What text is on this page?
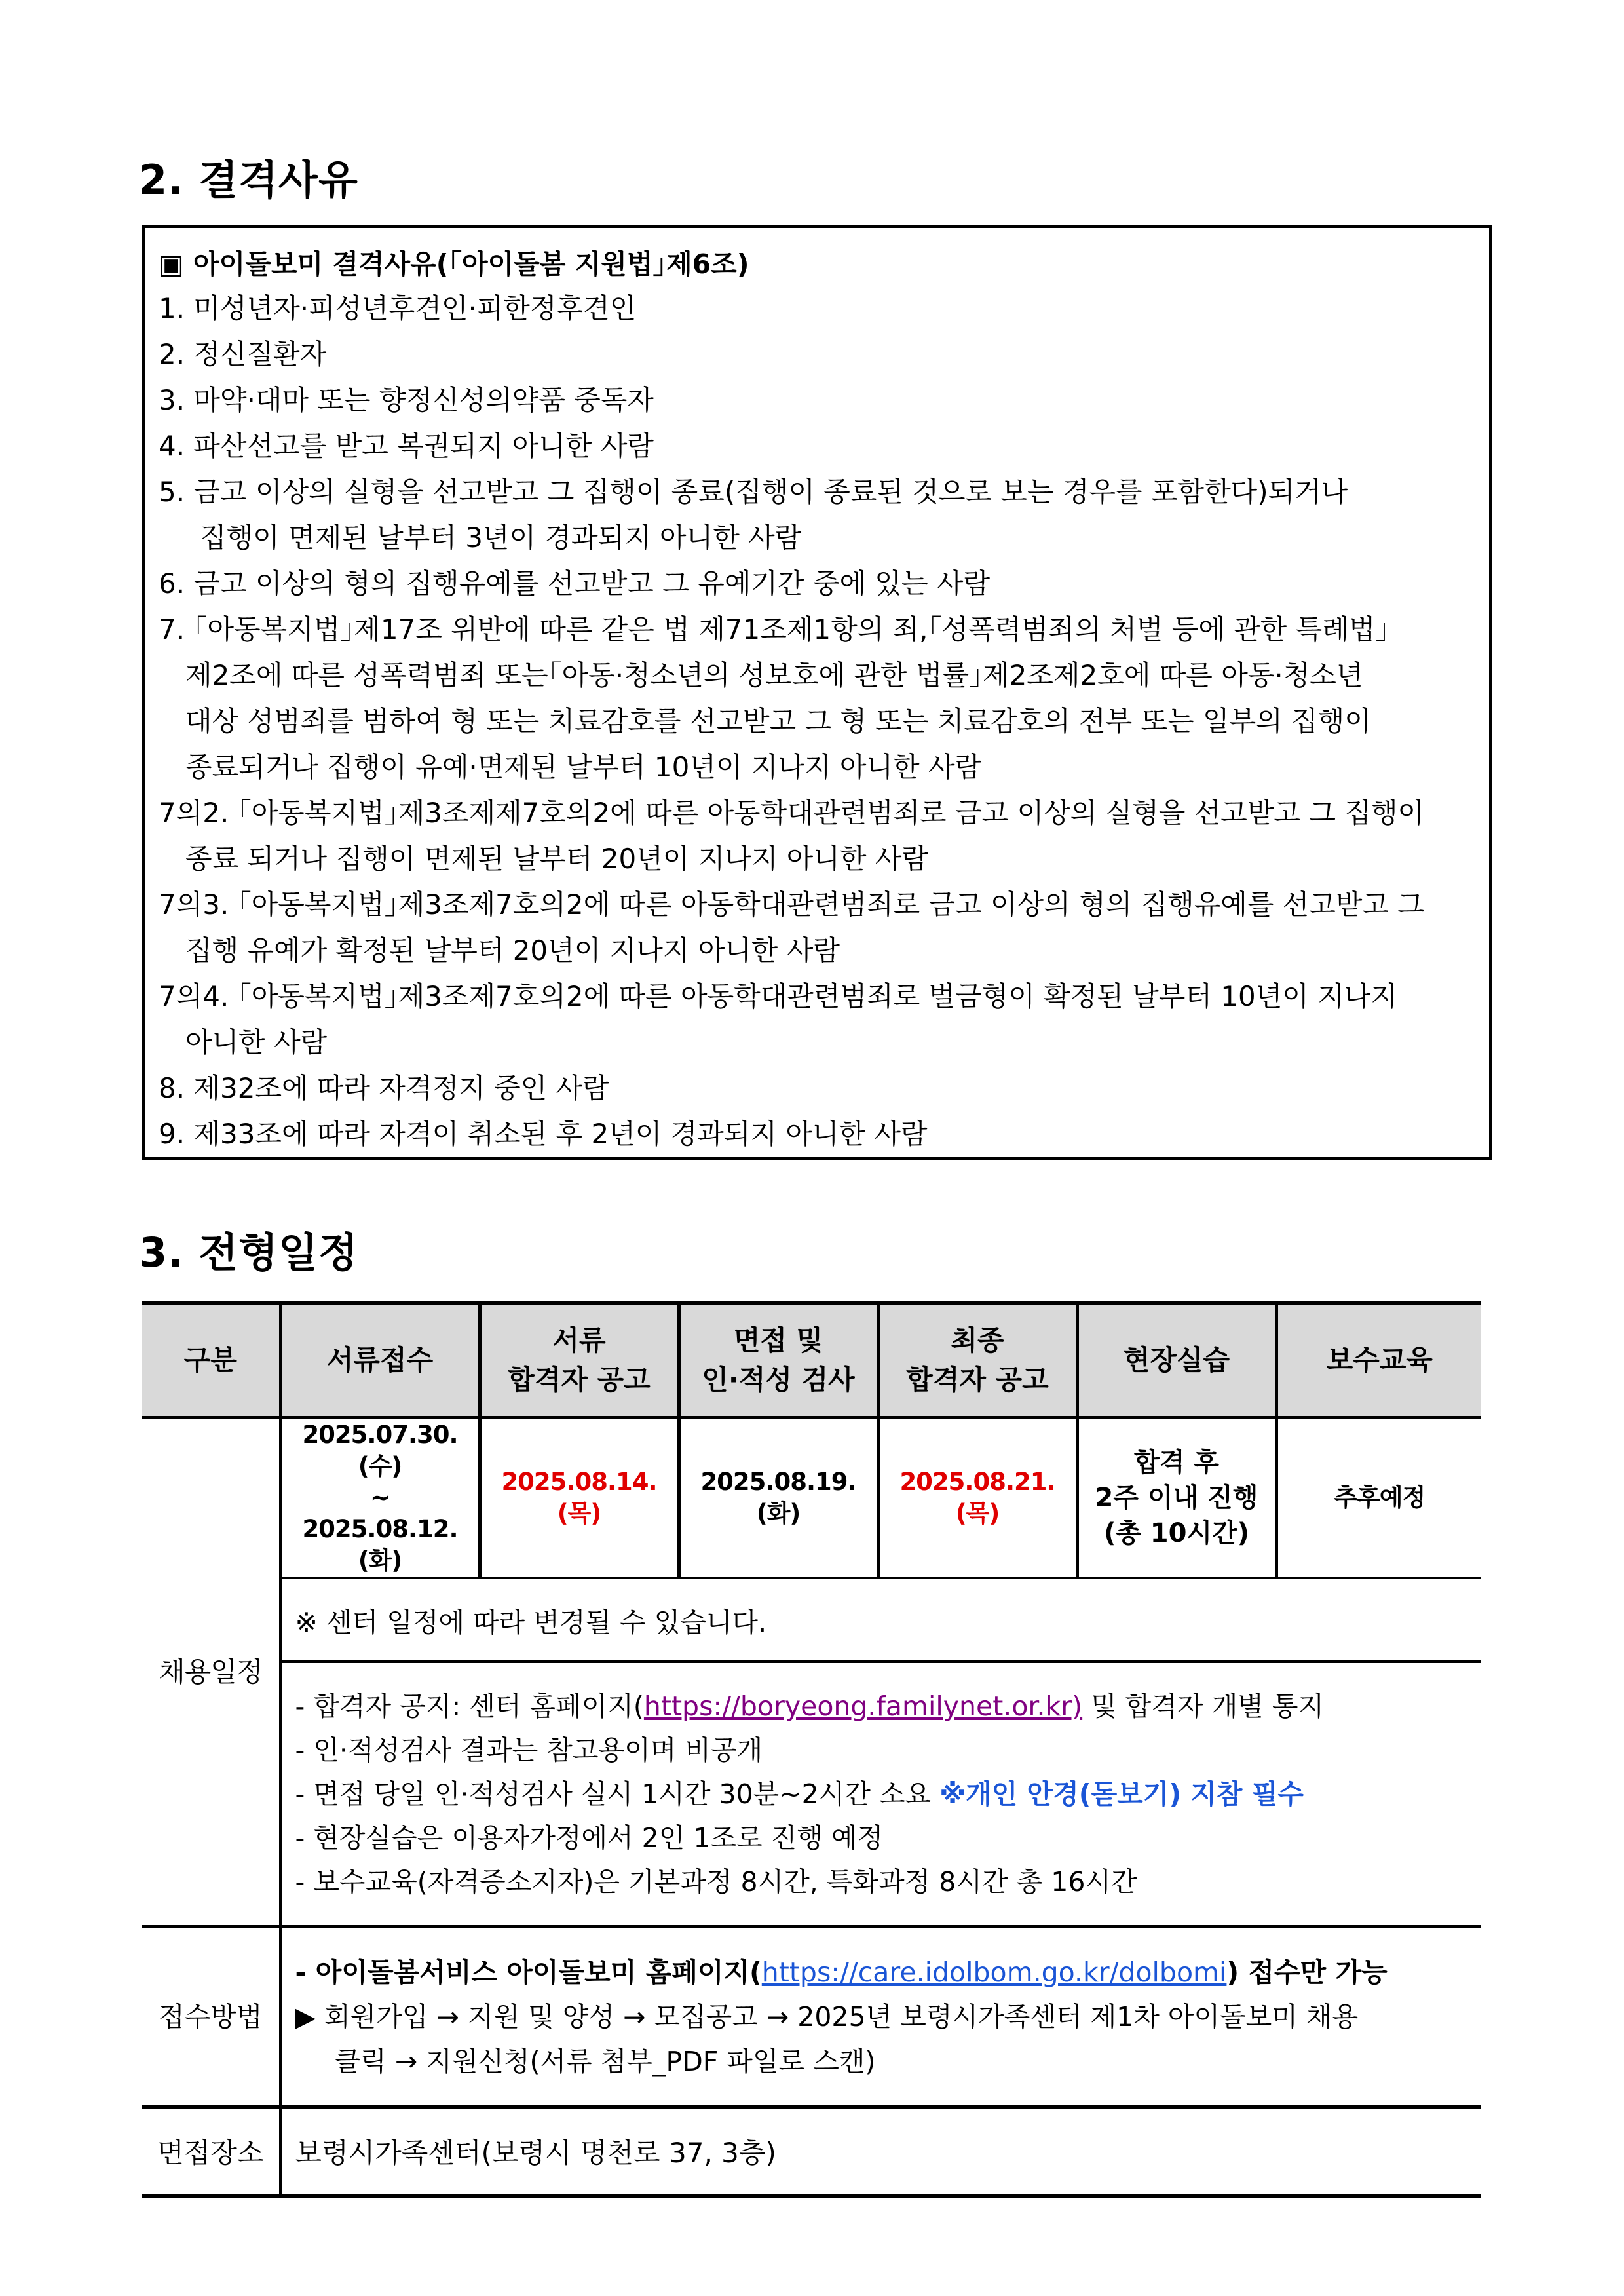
2. 결격사유
▣ 아이돌보미 결격사유(｢아이돌봄 지원법｣제6조)
1. 미성년자·피성년후견인·피한정후견인
2. 정신질환자
3. 마약·대마 또는 향정신성의약품 중독자
4. 파산선고를 받고 복권되지 아니한 사람
5. 금고 이상의 실형을 선고받고 그 집행이 종료(집행이 종료된 것으로 보는 경우를 포함한다)되거나
집행이 면제된 날부터 3년이 경과되지 아니한 사람
6. 금고 이상의 형의 집행유예를 선고받고 그 유예기간 중에 있는 사람
7. ｢아동복지법｣제17조 위반에 따른 같은 법 제71조제1항의 죄,｢성폭력범죄의 처벌 등에 관한 특례법｣
제2조에 따른 성폭력범죄 또는｢아동·청소년의 성보호에 관한 법률｣제2조제2호에 따른 아동·청소년
대상 성범죄를 범하여 형 또는 치료감호를 선고받고 그 형 또는 치료감호의 전부 또는 일부의 집행이
종료되거나 집행이 유예·면제된 날부터 10년이 지나지 아니한 사람
7의2. ｢아동복지법｣제3조제제7호의2에 따른 아동학대관련범죄로 금고 이상의 실형을 선고받고 그 집행이
종료 되거나 집행이 면제된 날부터 20년이 지나지 아니한 사람
7의3. ｢아동복지법｣제3조제7호의2에 따른 아동학대관련범죄로 금고 이상의 형의 집행유예를 선고받고 그
집행 유예가 확정된 날부터 20년이 지나지 아니한 사람
7의4. ｢아동복지법｣제3조제7호의2에 따른 아동학대관련범죄로 벌금형이 확정된 날부터 10년이 지나지
아니한 사람
8. 제32조에 따라 자격정지 중인 사람
9. 제33조에 따라 자격이 취소된 후 2년이 경과되지 아니한 사람
3. 전형일정
구분	서류접수	서류
합격자 공고	면접 및
인·적성 검사	최종
합격자 공고	현장실습	보수교육
채용일정	2025.07.30.(수)
~
2025.08.12.(화)	2025.08.14.(목)	2025.08.19.(화)	2025.08.21.(목)	합격 후
2주 이내 진행
(총 10시간)	추후예정
	※ 센터 일정에 따라 변경될 수 있습니다.					

	- 합격자 공지: 센터 홈페이지(https://boryeong.familynet.or.kr) 및 합격자 개별 통지
- 인·적성검사 결과는 참고용이며 비공개
- 면접 당일 인·적성검사 실시 1시간 30분~2시간 소요 ※개인 안경(돋보기) 지참 필수
- 현장실습은 이용자가정에서 2인 1조로 진행 예정
- 보수교육(자격증소지자)은 기본과정 8시간, 특화과정 8시간 총 16시간					

접수방법	- 아이돌봄서비스 아이돌보미 홈페이지(https://care.idolbom.go.kr/dolbomi) 접수만 가능
▶ 회원가입 → 지원 및 양성 → 모집공고 → 2025년 보령시가족센터 제1차 아이돌보미 채용
클릭 → 지원신청(서류 첨부_PDF 파일로 스캔)					

면접장소	보령시가족센터(보령시 명천로 37, 3층)					
